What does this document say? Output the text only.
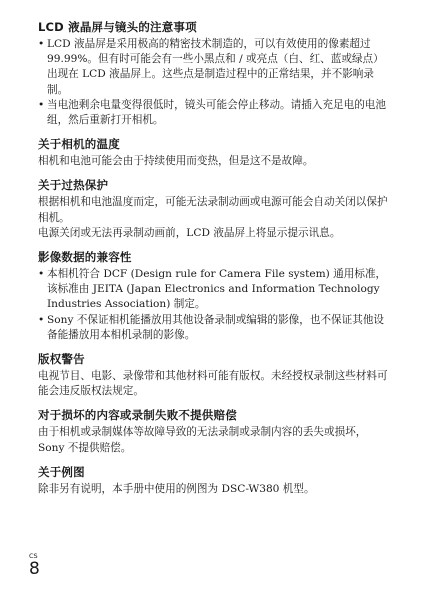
LCD 液晶屏与镜头的注意事项
• LCD 液晶屏是采用极高的精密技术制造的，可以有效使用的像素超过 99.99%。但有时可能会有一些小黑点和 / 或亮点（白、红、蓝或绿点）出现在 LCD 液晶屏上。这些点是制造过程中的正常结果，并不影响录制。
• 当电池剩余电量变得很低时，镜头可能会停止移动。请插入充足电的电池组，然后重新打开相机。
关于相机的温度

相机和电池可能会由于持续使用而变热，但是这不是故障。

关于过热保护

根据相机和电池温度而定，可能无法录制动画或电源可能会自动关闭以保护相机。

电源关闭或无法再录制动画前，LCD 液晶屏上将显示提示讯息。

影像数据的兼容性
• 本相机符合 DCF (Design rule for Camera File system) 通用标准，该标准由 JEITA (Japan Electronics and Information Technology Industries Association) 制定。
• Sony 不保证相机能播放用其他设备录制或编辑的影像，也不保证其他设备能播放用本相机录制的影像。
版权警告

电视节目、电影、录像带和其他材料可能有版权。未经授权录制这些材料可能会违反版权法规定。

对于损坏的内容或录制失败不提供赔偿

由于相机或录制媒体等故障导致的无法录制或录制内容的丢失或损坏，Sony 不提供赔偿。

关于例图

除非另有说明，本手册中使用的例图为 DSC-W380 机型。

CS
8
